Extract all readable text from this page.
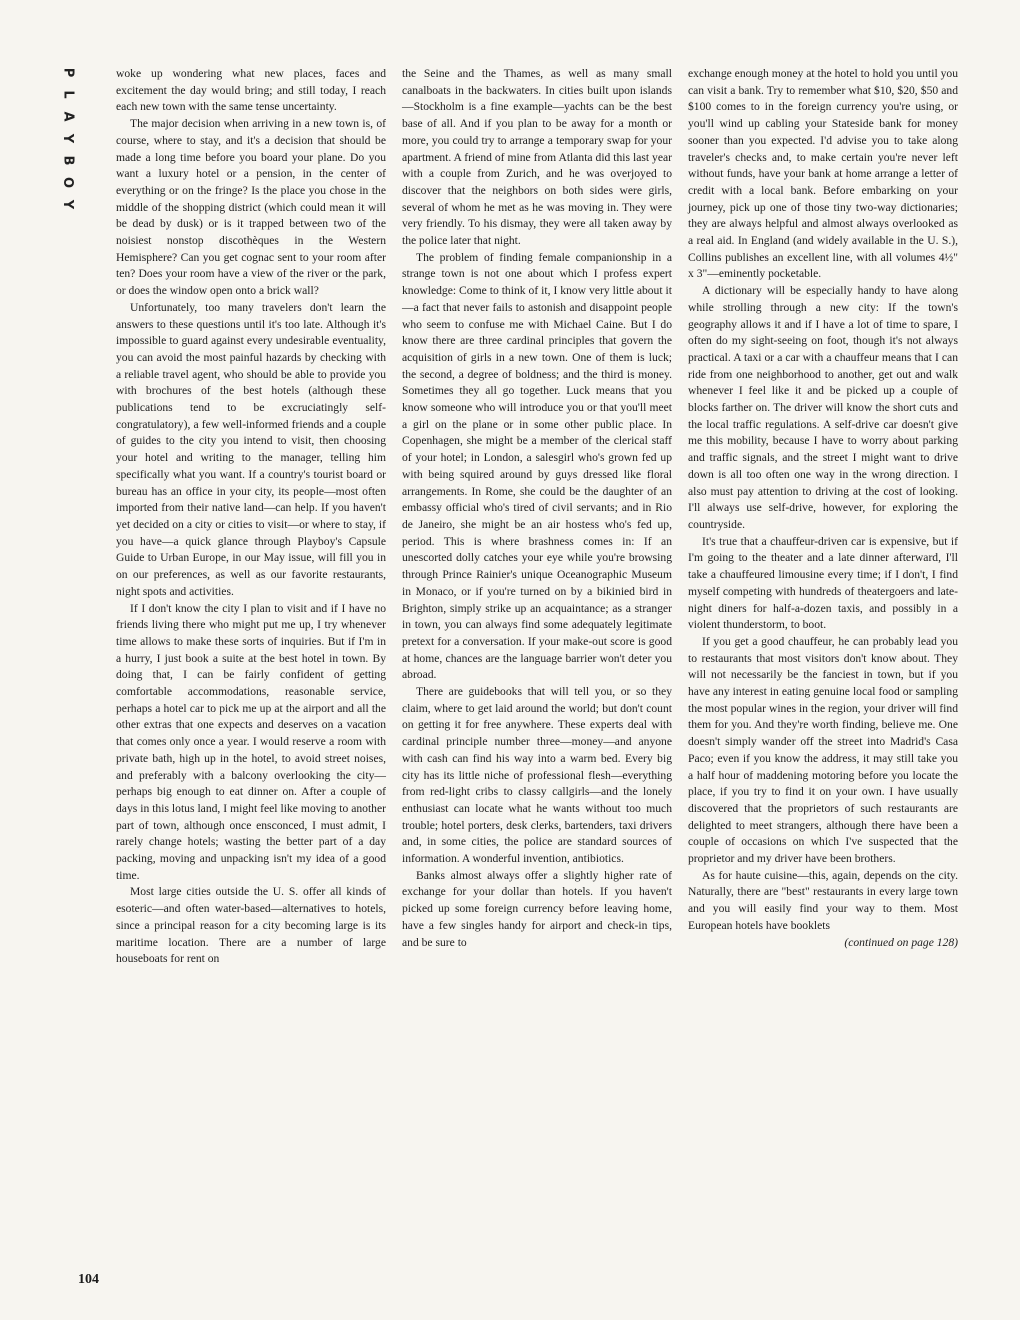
P
L
A
Y
B
O
Y

woke up wondering what new places, faces and excitement the day would bring; and still today, I reach each new town with the same tense uncertainty.

The major decision when arriving in a new town is, of course, where to stay, and it's a decision that should be made a long time before you board your plane. Do you want a luxury hotel or a pension, in the center of everything or on the fringe? Is the place you chose in the middle of the shopping district (which could mean it will be dead by dusk) or is it trapped between two of the noisiest nonstop discothèques in the Western Hemisphere? Can you get cognac sent to your room after ten? Does your room have a view of the river or the park, or does the window open onto a brick wall?

Unfortunately, too many travelers don't learn the answers to these questions until it's too late. Although it's impossible to guard against every undesirable eventuality, you can avoid the most painful hazards by checking with a reliable travel agent, who should be able to provide you with brochures of the best hotels (although these publications tend to be excruciatingly self-congratulatory), a few well-informed friends and a couple of guides to the city you intend to visit, then choosing your hotel and writing to the manager, telling him specifically what you want. If a country's tourist board or bureau has an office in your city, its people—most often imported from their native land—can help. If you haven't yet decided on a city or cities to visit—or where to stay, if you have—a quick glance through Playboy's Capsule Guide to Urban Europe, in our May issue, will fill you in on our preferences, as well as our favorite restaurants, night spots and activities.

If I don't know the city I plan to visit and if I have no friends living there who might put me up, I try whenever time allows to make these sorts of inquiries. But if I'm in a hurry, I just book a suite at the best hotel in town. By doing that, I can be fairly confident of getting comfortable accommodations, reasonable service, perhaps a hotel car to pick me up at the airport and all the other extras that one expects and deserves on a vacation that comes only once a year. I would reserve a room with private bath, high up in the hotel, to avoid street noises, and preferably with a balcony overlooking the city—perhaps big enough to eat dinner on. After a couple of days in this lotus land, I might feel like moving to another part of town, although once ensconced, I must admit, I rarely change hotels; wasting the better part of a day packing, moving and unpacking isn't my idea of a good time.

Most large cities outside the U. S. offer all kinds of esoteric—and often water-based—alternatives to hotels, since a principal reason for a city becoming large is its maritime location. There are a number of large houseboats for rent on

the Seine and the Thames, as well as many small canalboats in the backwaters. In cities built upon islands—Stockholm is a fine example—yachts can be the best base of all. And if you plan to be away for a month or more, you could try to arrange a temporary swap for your apartment. A friend of mine from Atlanta did this last year with a couple from Zurich, and he was overjoyed to discover that the neighbors on both sides were girls, several of whom he met as he was moving in. They were very friendly. To his dismay, they were all taken away by the police later that night.

The problem of finding female companionship in a strange town is not one about which I profess expert knowledge: Come to think of it, I know very little about it—a fact that never fails to astonish and disappoint people who seem to confuse me with Michael Caine. But I do know there are three cardinal principles that govern the acquisition of girls in a new town. One of them is luck; the second, a degree of boldness; and the third is money. Sometimes they all go together. Luck means that you know someone who will introduce you or that you'll meet a girl on the plane or in some other public place. In Copenhagen, she might be a member of the clerical staff of your hotel; in London, a salesgirl who's grown fed up with being squired around by guys dressed like floral arrangements. In Rome, she could be the daughter of an embassy official who's tired of civil servants; and in Rio de Janeiro, she might be an air hostess who's fed up, period. This is where brashness comes in: If an unescorted dolly catches your eye while you're browsing through Prince Rainier's unique Oceanographic Museum in Monaco, or if you're turned on by a bikinied bird in Brighton, simply strike up an acquaintance; as a stranger in town, you can always find some adequately legitimate pretext for a conversation. If your make-out score is good at home, chances are the language barrier won't deter you abroad.

There are guidebooks that will tell you, or so they claim, where to get laid around the world; but don't count on getting it for free anywhere. These experts deal with cardinal principle number three—money—and anyone with cash can find his way into a warm bed. Every big city has its little niche of professional flesh—everything from red-light cribs to classy callgirls—and the lonely enthusiast can locate what he wants without too much trouble; hotel porters, desk clerks, bartenders, taxi drivers and, in some cities, the police are standard sources of information. A wonderful invention, antibiotics.

Banks almost always offer a slightly higher rate of exchange for your dollar than hotels. If you haven't picked up some foreign currency before leaving home, have a few singles handy for airport and check-in tips, and be sure to

exchange enough money at the hotel to hold you until you can visit a bank. Try to remember what $10, $20, $50 and $100 comes to in the foreign currency you're using, or you'll wind up cabling your Stateside bank for money sooner than you expected. I'd advise you to take along traveler's checks and, to make certain you're never left without funds, have your bank at home arrange a letter of credit with a local bank. Before embarking on your journey, pick up one of those tiny two-way dictionaries; they are always helpful and almost always overlooked as a real aid. In England (and widely available in the U. S.), Collins publishes an excellent line, with all volumes 4½" x 3"—eminently pocketable.

A dictionary will be especially handy to have along while strolling through a new city: If the town's geography allows it and if I have a lot of time to spare, I often do my sight-seeing on foot, though it's not always practical. A taxi or a car with a chauffeur means that I can ride from one neighborhood to another, get out and walk whenever I feel like it and be picked up a couple of blocks farther on. The driver will know the short cuts and the local traffic regulations. A self-drive car doesn't give me this mobility, because I have to worry about parking and traffic signals, and the street I might want to drive down is all too often one way in the wrong direction. I also must pay attention to driving at the cost of looking. I'll always use self-drive, however, for exploring the countryside.

It's true that a chauffeur-driven car is expensive, but if I'm going to the theater and a late dinner afterward, I'll take a chauffeured limousine every time; if I don't, I find myself competing with hundreds of theatergoers and late-night diners for half-a-dozen taxis, and possibly in a violent thunderstorm, to boot.

If you get a good chauffeur, he can probably lead you to restaurants that most visitors don't know about. They will not necessarily be the fanciest in town, but if you have any interest in eating genuine local food or sampling the most popular wines in the region, your driver will find them for you. And they're worth finding, believe me. One doesn't simply wander off the street into Madrid's Casa Paco; even if you know the address, it may still take you a half hour of maddening motoring before you locate the place, if you try to find it on your own. I have usually discovered that the proprietors of such restaurants are delighted to meet strangers, although there have been a couple of occasions on which I've suspected that the proprietor and my driver have been brothers.

As for haute cuisine—this, again, depends on the city. Naturally, there are "best" restaurants in every large town and you will easily find your way to them. Most European hotels have booklets

(continued on page 128)

104
